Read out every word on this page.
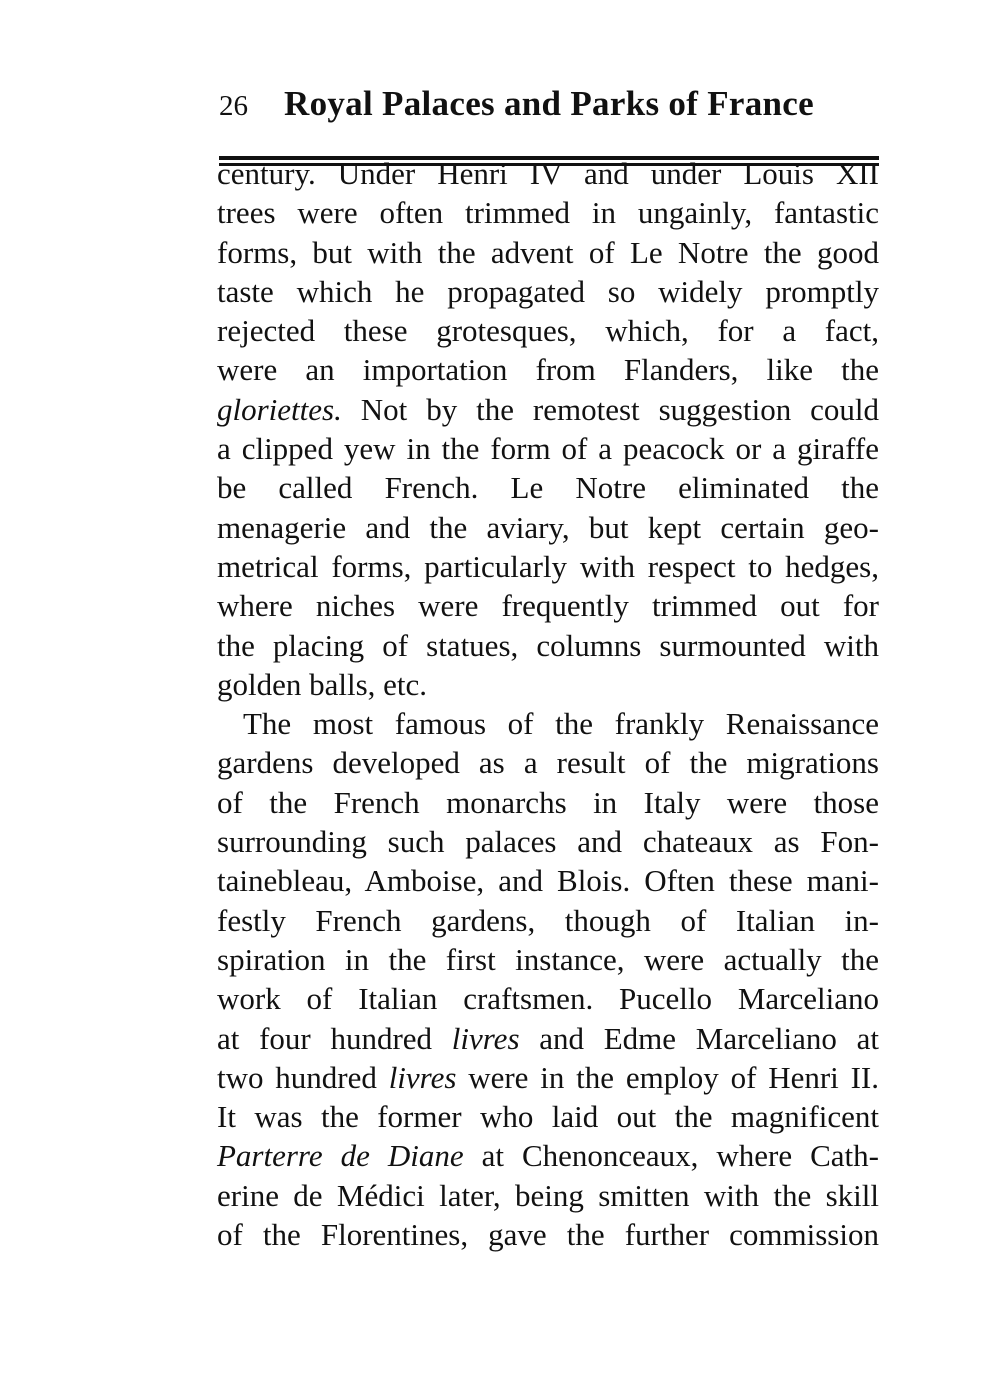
26 Royal Palaces and Parks of France
century. Under Henri IV and under Louis XII
trees were often trimmed in ungainly, fantastic
forms, but with the advent of Le Notre the good
taste which he propagated so widely promptly
rejected these grotesques, which, for a fact,
were an importation from Flanders, like the
gloriettes. Not by the remotest suggestion could
a clipped yew in the form of a peacock or a giraffe
be called French. Le Notre eliminated the
menagerie and the aviary, but kept certain geo-
metrical forms, particularly with respect to hedges,
where niches were frequently trimmed out for
the placing of statues, columns surmounted with
golden balls, etc.
The most famous of the frankly Renaissance
gardens developed as a result of the migrations
of the French monarchs in Italy were those
surrounding such palaces and chateaux as Fon-
tainebleau, Amboise, and Blois. Often these mani-
festly French gardens, though of Italian in-
spiration in the first instance, were actually the
work of Italian craftsmen. Pucello Marceliano
at four hundred livres and Edme Marceliano at
two hundred livres were in the employ of Henri II.
It was the former who laid out the magnificent
Parterre de Diane at Chenonceaux, where Cath-
erine de Médici later, being smitten with the skill
of the Florentines, gave the further commission
